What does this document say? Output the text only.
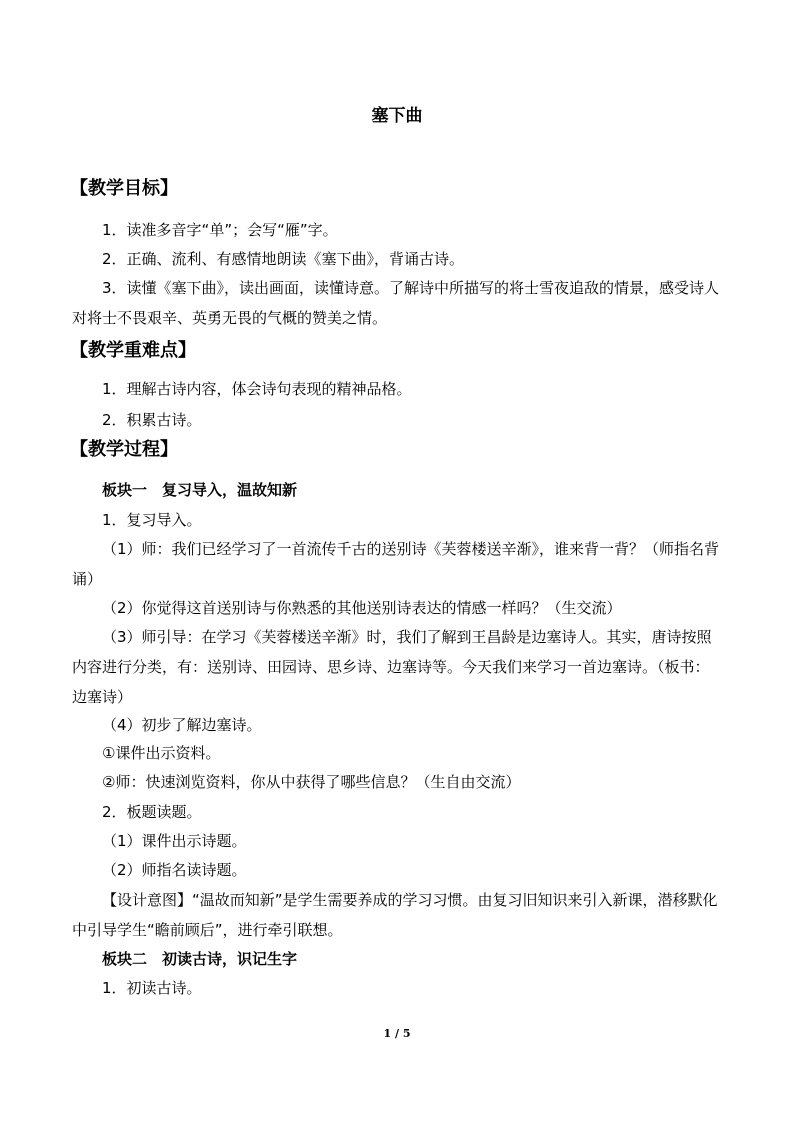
塞下曲
【教学目标】

1．读准多音字“单”；会写“雁”字。

2．正确、流利、有感情地朗读《塞下曲》，背诵古诗。

3．读懂《塞下曲》，读出画面，读懂诗意。了解诗中所描写的将士雪夜追敌的情景，感受诗人对将士不畏艰辛、英勇无畏的气概的赞美之情。

【教学重难点】

1．理解古诗内容，体会诗句表现的精神品格。

2．积累古诗。

【教学过程】

板块一　复习导入，温故知新

1．复习导入。

（1）师：我们已经学习了一首流传千古的送别诗《芙蓉楼送辛渐》，谁来背一背？（师指名背诵）

（2）你觉得这首送别诗与你熟悉的其他送别诗表达的情感一样吗？（生交流）

（3）师引导：在学习《芙蓉楼送辛渐》时，我们了解到王昌龄是边塞诗人。其实，唐诗按照内容进行分类，有：送别诗、田园诗、思乡诗、边塞诗等。今天我们来学习一首边塞诗。（板书：边塞诗）

（4）初步了解边塞诗。

①课件出示资料。

②师：快速浏览资料，你从中获得了哪些信息？（生自由交流）

2．板题读题。

（1）课件出示诗题。

（2）师指名读诗题。

【设计意图】“温故而知新”是学生需要养成的学习习惯。由复习旧知识来引入新课，潜移默化中引导学生“瞻前顾后”，进行牵引联想。

板块二　初读古诗，识记生字

1．初读古诗。

1 / 5
